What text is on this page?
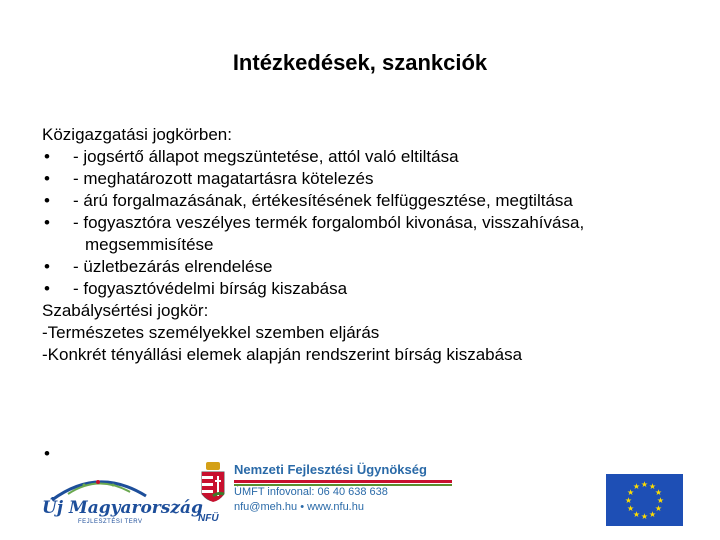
Intézkedések, szankciók
Közigazgatási jogkörben:
•	- jogsértő állapot megszüntetése, attól való eltiltása
•	- meghatározott magatartásra kötelezés
•	- árú forgalmazásának, értékesítésének felfüggesztése, megtiltása
•	- fogyasztóra veszélyes termék forgalomból kivonása, visszahívása,
megsemmisítése
•	- üzletbezárás elrendelése
•	- fogyasztóvédelmi bírság kiszabása
Szabálysértési jogkör:
-Természetes személyekkel szemben eljárás
-Konkrét tényállási elemek alapján rendszerint bírság kiszabása
•
Új Magyarország
FEJLESZTÉSI TERV	NFÜ
Nemzeti Fejlesztési Ügynökség
ÚMFT infovonal: 06 40 638 638
nfu@meh.hu • www.nfu.hu
★ ★
★
★
★
★
★
★
★
★
★
★
